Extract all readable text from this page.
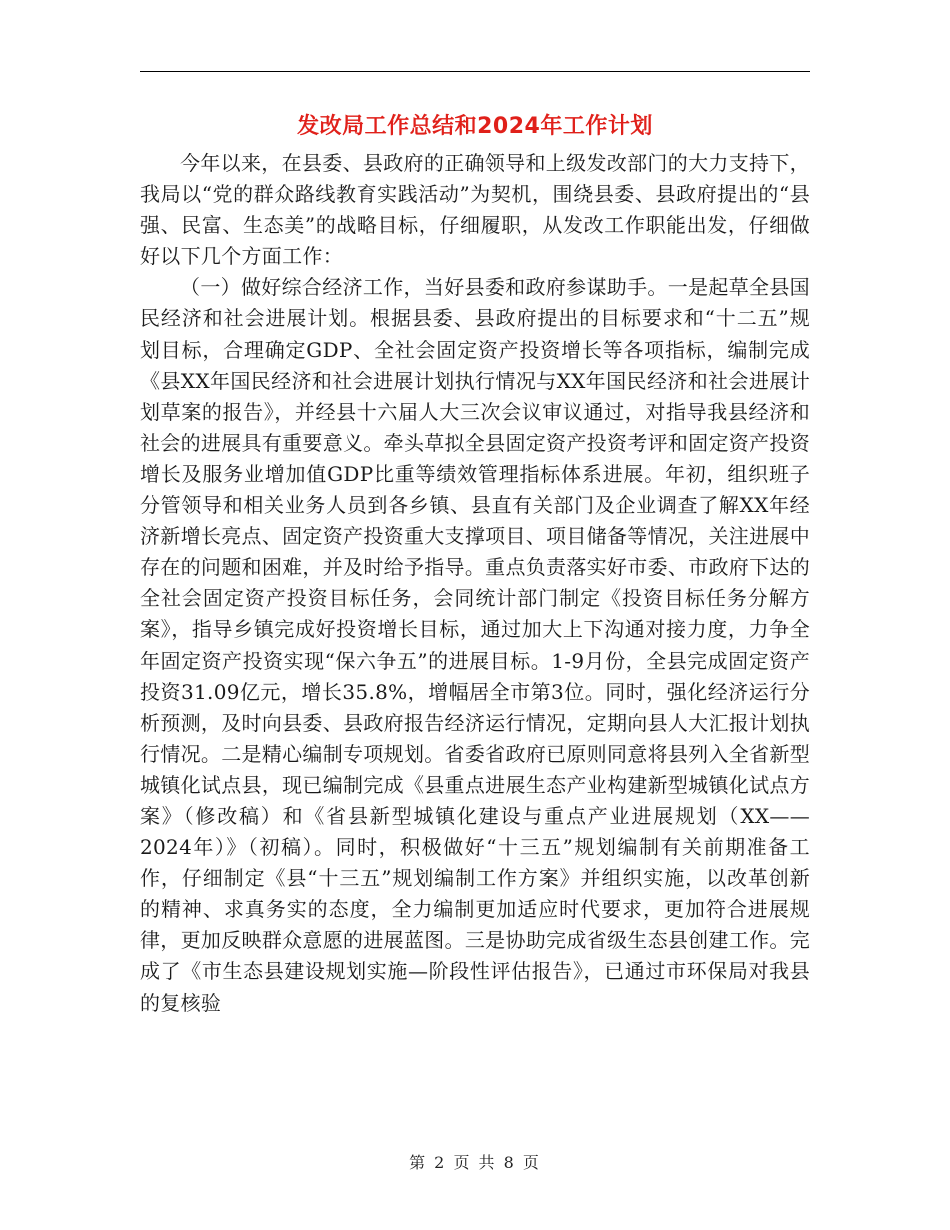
发改局工作总结和2024年工作计划

今年以来，在县委、县政府的正确领导和上级发改部门的大力支持下，我局以“党的群众路线教育实践活动”为契机，围绕县委、县政府提出的“县强、民富、生态美”的战略目标，仔细履职，从发改工作职能出发，仔细做好以下几个方面工作：

（一）做好综合经济工作，当好县委和政府参谋助手。一是起草全县国民经济和社会进展计划。根据县委、县政府提出的目标要求和“十二五”规划目标，合理确定GDP、全社会固定资产投资增长等各项指标，编制完成《县XX年国民经济和社会进展计划执行情况与XX年国民经济和社会进展计划草案的报告》，并经县十六届人大三次会议审议通过，对指导我县经济和社会的进展具有重要意义。牵头草拟全县固定资产投资考评和固定资产投资增长及服务业增加值GDP比重等绩效管理指标体系进展。年初，组织班子分管领导和相关业务人员到各乡镇、县直有关部门及企业调查了解XX年经济新增长亮点、固定资产投资重大支撑项目、项目储备等情况，关注进展中存在的问题和困难，并及时给予指导。重点负责落实好市委、市政府下达的全社会固定资产投资目标任务，会同统计部门制定《投资目标任务分解方案》，指导乡镇完成好投资增长目标，通过加大上下沟通对接力度，力争全年固定资产投资实现“保六争五”的进展目标。1-9月份，全县完成固定资产投资31.09亿元，增长35.8%，增幅居全市第3位。同时，强化经济运行分析预测，及时向县委、县政府报告经济运行情况，定期向县人大汇报计划执行情况。二是精心编制专项规划。省委省政府已原则同意将县列入全省新型城镇化试点县，现已编制完成《县重点进展生态产业构建新型城镇化试点方案》（修改稿）和《省县新型城镇化建设与重点产业进展规划（XX——2024年）》（初稿）。同时，积极做好“十三五”规划编制有关前期准备工作，仔细制定《县“十三五”规划编制工作方案》并组织实施，以改革创新的精神、求真务实的态度，全力编制更加适应时代要求，更加符合进展规律，更加反映群众意愿的进展蓝图。三是协助完成省级生态县创建工作。完成了《市生态县建设规划实施—阶段性评估报告》，已通过市环保局对我县的复核验

第 2 页 共 8 页
